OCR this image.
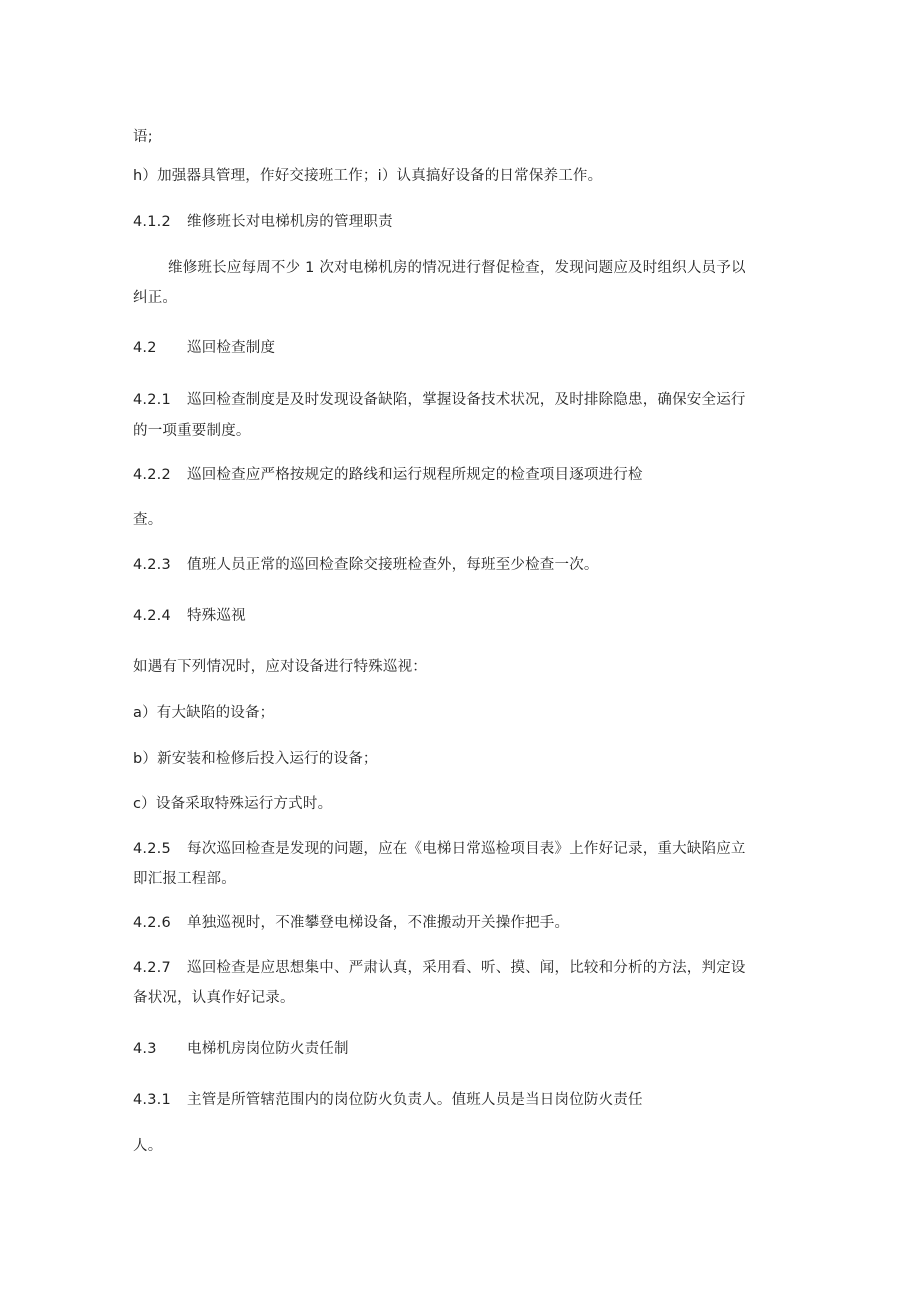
语;
h）加强器具管理，作好交接班工作；i）认真搞好设备的日常保养工作。
4.1.2 维修班长对电梯机房的管理职责
维修班长应每周不少 1 次对电梯机房的情况进行督促检查，发现问题应及时组织人员予以
纠正。
4.2 巡回检查制度
4.2.1 巡回检查制度是及时发现设备缺陷，掌握设备技术状况，及时排除隐患，确保安全运行
的一项重要制度。
4.2.2 巡回检查应严格按规定的路线和运行规程所规定的检查项目逐项进行检
查。
4.2.3 值班人员正常的巡回检查除交接班检查外，每班至少检查一次。
4.2.4 特殊巡视
如遇有下列情况时，应对设备进行特殊巡视：
a）有大缺陷的设备；
b）新安装和检修后投入运行的设备；
c）设备采取特殊运行方式时。
4.2.5 每次巡回检查是发现的问题，应在《电梯日常巡检项目表》上作好记录，重大缺陷应立
即汇报工程部。
4.2.6 单独巡视时，不准攀登电梯设备，不准搬动开关操作把手。
4.2.7 巡回检查是应思想集中、严肃认真，采用看、听、摸、闻，比较和分析的方法，判定设
备状况，认真作好记录。
4.3 电梯机房岗位防火责任制
4.3.1 主管是所管辖范围内的岗位防火负责人。值班人员是当日岗位防火责任
人。
